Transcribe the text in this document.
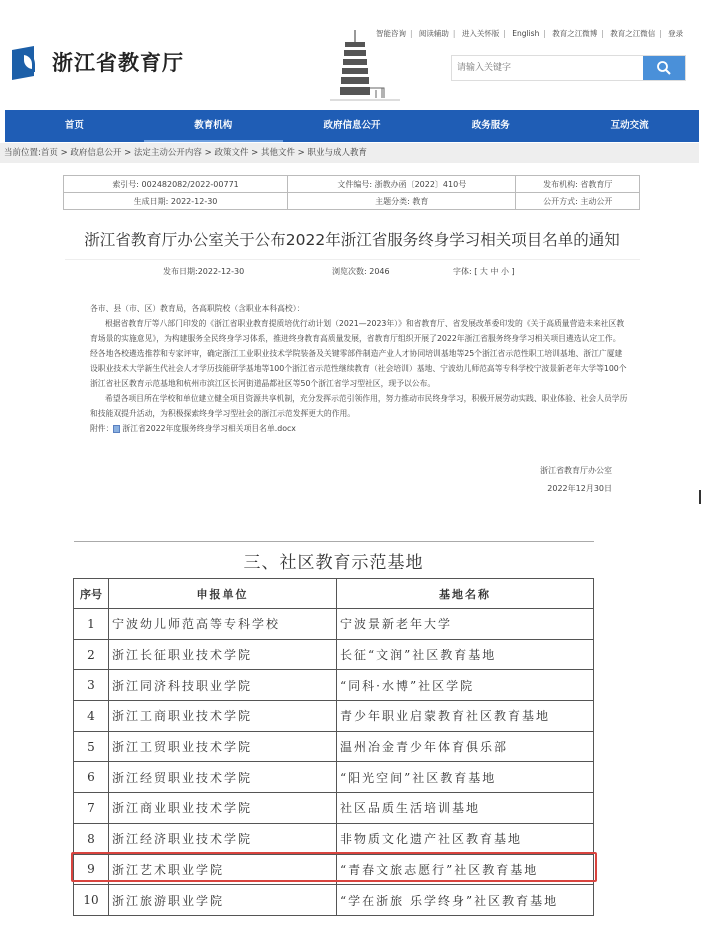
智能咨询 | 阅读辅助 | 进入关怀版 | English | 教育之江微博 | 教育之江微信 | 登录
浙江省教育厅
请输入关键字
首页	教育机构	政府信息公开	政务服务	互动交流
当前位置:首页 > 政府信息公开 > 法定主动公开内容 > 政策文件 > 其他文件 > 职业与成人教育
索引号: 002482082/2022-00771	文件编号: 浙教办函〔2022〕410号	发布机构: 省教育厅
生成日期: 2022-12-30	主题分类: 教育	公开方式: 主动公开
浙江省教育厅办公室关于公布2022年浙江省服务终身学习相关项目名单的通知
发布日期:2022-12-30	浏览次数: 2046	字体: [ 大 中 小 ]

各市、县（市、区）教育局，各高职院校（含职业本科高校）：

根据省教育厅等八部门印发的《浙江省职业教育提质培优行动计划（2021—2023年）》和省教育厅、省发展改革委印发的《关于高质量营造未来社区教育场景的实施意见》，为构建服务全民终身学习体系，推进终身教育高质量发展，省教育厅组织开展了2022年浙江省服务终身学习相关项目遴选认定工作。经各地各校遴选推荐和专家评审，确定浙江工业职业技术学院装备及关键零部件制造产业人才协同培训基地等25个浙江省示范性职工培训基地、浙江广厦建设职业技术大学新生代社会人才学历技能研学基地等100个浙江省示范性继续教育（社会培训）基地、宁波幼儿师范高等专科学校宁波景新老年大学等100个浙江省社区教育示范基地和杭州市滨江区长河街道晶都社区等50个浙江省学习型社区，现予以公布。

希望各项目所在学校和单位建立健全项目资源共享机制，充分发挥示范引领作用，努力推动市民终身学习，积极开展劳动实践、职业体验、社会人员学历和技能双提升活动，为积极探索终身学习型社会的浙江示范发挥更大的作用。

附件： 浙江省2022年度服务终身学习相关项目名单.docx

浙江省教育厅办公室
2022年12月30日
三、社区教育示范基地		
序号	申报单位	基地名称
1	宁波幼儿师范高等专科学校	宁波景新老年大学
2	浙江长征职业技术学院	长征“文润”社区教育基地
3	浙江同济科技职业学院	“同科·水博”社区学院
4	浙江工商职业技术学院	青少年职业启蒙教育社区教育基地
5	浙江工贸职业技术学院	温州冶金青少年体育俱乐部
6	浙江经贸职业技术学院	“阳光空间”社区教育基地
7	浙江商业职业技术学院	社区品质生活培训基地
8	浙江经济职业技术学院	非物质文化遗产社区教育基地
9	浙江艺术职业学院	“青春文旅志愿行”社区教育基地
10	浙江旅游职业学院	“学在浙旅 乐学终身”社区教育基地
